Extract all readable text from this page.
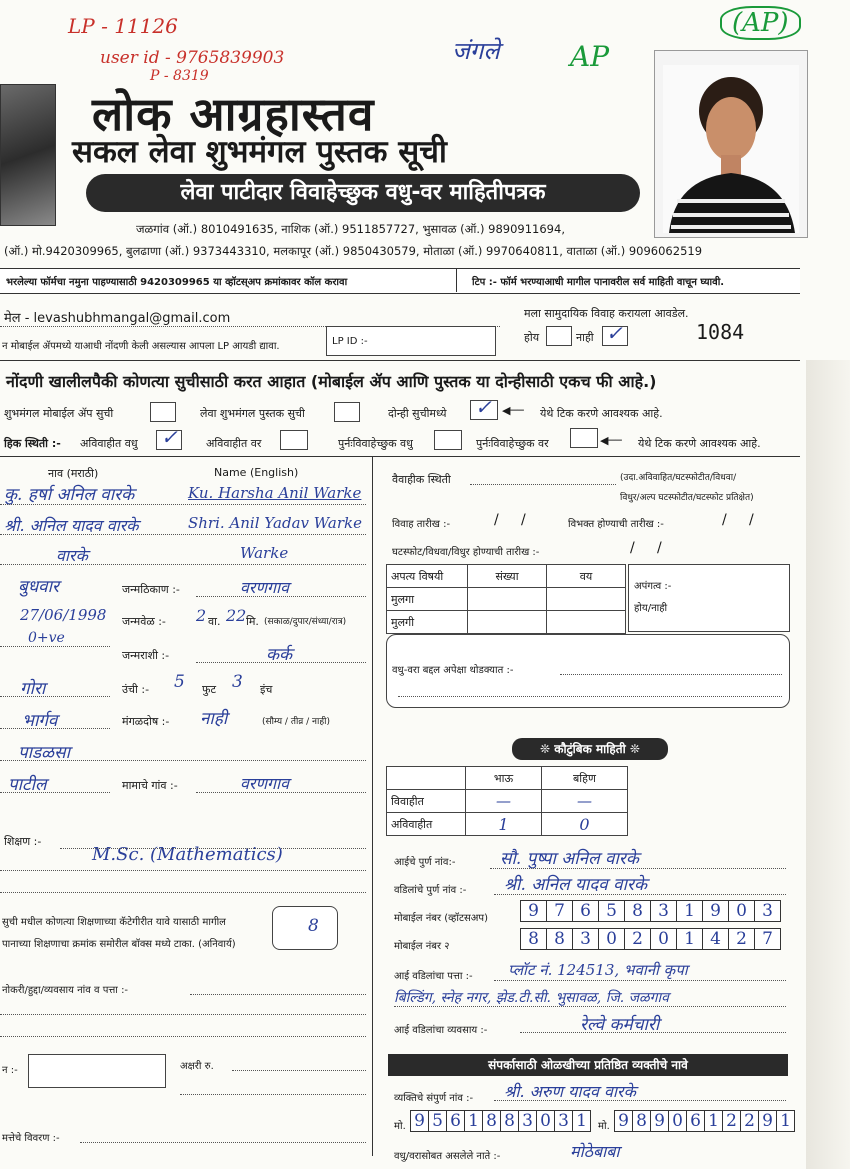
LP - 11126
user id - 9765839903
P - 8319
जंगले	AP
(AP)
लोक आग्रहास्तव
सकल लेवा शुभमंगल पुस्तक सूची
लेवा पाटीदार विवाहेच्छुक वधु-वर माहितीपत्रक
जळगांव (ऑ.) 8010491635, नाशिक (ऑ.) 9511857727, भुसावळ (ऑ.) 9890911694,
(ऑ.) मो.9420309965, बुलढाणा (ऑ.) 9373443310, मलकापूर (ऑ.) 9850430579, मोताळा (ऑ.) 9970640811, वाताळा (ऑ.) 9096062519
भरलेल्या फॉर्मचा नमुना पाहण्यासाठी 9420309965 या व्हॉटस्‌अप क्रमांकावर कॉल करावा	टिप :- फॉर्म भरण्याआधी मागील पानावरील सर्व माहिती वाचून घ्यावी.
मेल - levashubhmangal@gmail.com
न मोबाईल ॲपमध्ये याआधी नोंदणी केली असल्यास आपला LP आयडी द्यावा.	LP ID :-
मला सामुदायिक विवाह करायला आवडेल.
होय	नाही ✓	1084
नोंदणी खालीलपैकी कोणत्या सुचीसाठी करत आहात (मोबाईल ॲप आणि पुस्तक या दोन्हीसाठी एकच फी आहे.)
शुभमंगल मोबाईल ॲप सुची	लेवा शुभमंगल पुस्तक सुची	दोन्ही सुचीमध्ये ✓ ◀── येथे टिक करणे आवश्यक आहे.
हिक स्थिती :- अविवाहीत वधु ✓	अविवाहीत वर	पुर्नःविवाहेच्छुक वधु	पुर्नःविवाहेच्छुक वर	◀── येथे टिक करणे आवश्यक आहे.
नाव (मराठी)	Name (English)
कु. हर्षा अनिल वारके	Ku. Harsha Anil Warke
श्री. अनिल यादव वारके	Shri. Anil Yadav Warke
वारके	Warke
बुधवार	जन्मठिकाण :-	वरणगाव
27/06/1998 जन्मवेळ :- 2 वा. 22 मि. (सकाळ/दुपार/संध्या/रात्र)
0+ve
जन्मराशी :-	कर्क
गोरा	उंची :- 5 फुट 3 इंच
भार्गव	मंगळदोष :- नाही	(सौम्य / तीव्र / नाही)
पाडळसा
पाटील	मामाचे गांव :-	वरणगाव
शिक्षण :-
M.Sc. (Mathematics)
सुची मधील कोणत्या शिक्षणाच्या कॅटेगीरीत यावे यासाठी मागील
पानाच्या शिक्षणाचा क्रमांक समोरील बॉक्स मध्ये टाका. (अनिवार्य)
8
नोकरी/हुद्दा/व्यवसाय नांव व पत्ता :-
न :-	अक्षरी रु.
मत्तेचे विवरण :-
वैवाहीक स्थिती	(उदा.अविवाहित/घटस्फोटीत/विधवा/
विधुर/अल्प घटस्फोटीत/घटस्फोट प्रतिक्षेत)
विवाह तारीख :-	/     /	विभक्त होण्याची तारीख :-	/     /
घटस्फोट/विधवा/विधुर होण्याची तारीख :-	/     /
अपत्य विषयी	संख्या	वय
मुलगा		
मुलगी		
अपंगत्व :-
होय/नाही
वधु-वरा बद्दल अपेक्षा थोडक्यात :-
❊ कौटुंबिक माहिती ❊
	भाऊ	बहिण
विवाहीत	—	—
अविवाहीत	1	0
आईचे पुर्ण नांव:-	सौ. पुष्पा अनिल वारके
वडिलांचे पुर्ण नांव :- श्री. अनिल यादव वारके
मोबाईल नंबर (व्हॉटसअप)	9 7 6 5 8 3 1 9 0 3
मोबाईल नंबर २	8 8 3 0 2 0 1 4 2 7
आई वडिलांचा पत्ता :- प्लॉट नं. 124513, भवानी कृपा
बिल्डिंग, स्नेह नगर, झेड.टी.सी. भुसावळ, जि. जळगाव
आई वडिलांचा व्यवसाय :-	रेल्वे कर्मचारी
संपर्कासाठी ओळखीच्या प्रतिष्ठित व्यक्तीचे नावे
व्यक्तिचे संपुर्ण नांव :- श्री. अरुण यादव वारके
मो. 9 5 6 1 8 8 3 0 3 1	मो. 9 8 9 0 6 1 2 2 9 1
वधु/वरासोबत असलेले नाते :-	मोठेबाबा
